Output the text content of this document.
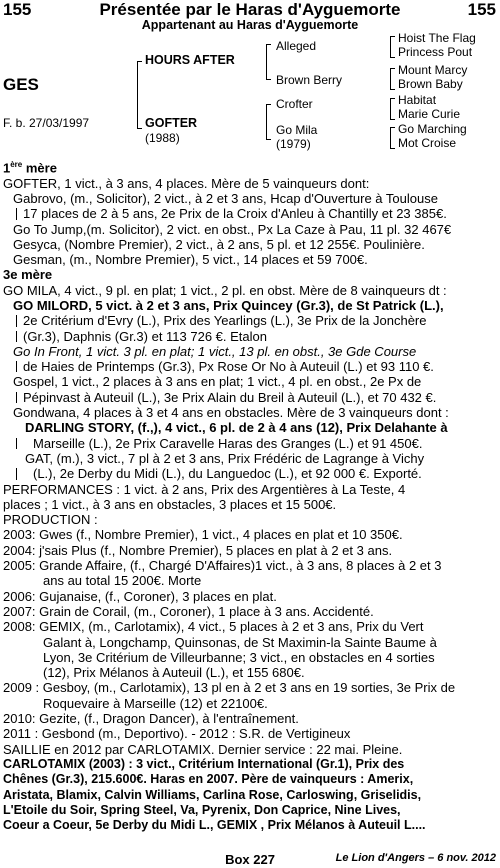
155	Présentée par le Haras d'Ayguemorte	155
Appartenant au Haras d'Ayguemorte
GES
F. b. 27/03/1997
HOURS AFTER
GOFTER
(1988)
Alleged
Brown Berry
Crofter
Go Mila
(1979)
Hoist The Flag
Princess Pout
Mount Marcy
Brown Baby
Habitat
Marie Curie
Go Marching
Mot Croise

1ère mère

GOFTER, 1 vict., à 3 ans, 4 places. Mère de 5 vainqueurs dont:

Gabrovo, (m., Solicitor), 2 vict., à 2 et 3 ans, Hcap d'Ouverture à Toulouse

17 places de 2 à 5 ans, 2e Prix de la Croix d'Anleu à Chantilly et 23 385€.

Go To Jump,(m. Solicitor), 2 vict. en obst., Px La Caze à Pau, 11 pl. 32 467€

Gesyca, (Nombre Premier), 2 vict., à 2 ans, 5 pl. et 12 255€. Poulinière.

Gesman, (m., Nombre Premier), 5 vict., 14 places et 59 700€.

3e mère

GO MILA, 4 vict., 9 pl. en plat; 1 vict., 2 pl. en obst. Mère de 8 vainqueurs dt :

GO MILORD, 5 vict. à 2 et 3 ans, Prix Quincey (Gr.3), de St Patrick (L.),

2e Critérium d'Evry (L.), Prix des Yearlings (L.), 3e Prix de la Jonchère

(Gr.3), Daphnis (Gr.3) et 113 726 €. Etalon

Go In Front, 1 vict. 3 pl. en plat; 1 vict., 13 pl. en obst., 3e Gde Course

de Haies de Printemps (Gr.3), Px Rose Or No à Auteuil (L.) et 93 110 €.

Gospel, 1 vict., 2 places à 3 ans en plat; 1 vict., 4 pl. en obst., 2e Px de

Pépinvast à Auteuil (L.), 3e Prix Alain du Breil à Auteuil (L.), et 70 432 €.

Gondwana, 4 places à 3 et 4 ans en obstacles. Mère de 3 vainqueurs dont :

DARLING STORY, (f.,), 4 vict., 6 pl. de 2 à 4 ans (12), Prix Delahante à

Marseille (L.), 2e Prix Caravelle Haras des Granges (L.) et 91 450€.

GAT, (m.), 3 vict., 7 pl à 2 et 3 ans, Prix Frédéric de Lagrange à Vichy

(L.), 2e Derby du Midi (L.), du Languedoc (L.), et 92 000 €. Exporté.

PERFORMANCES : 1 vict. à 2 ans, Prix des Argentières à La Teste, 4

places ; 1 vict., à 3 ans en obstacles, 3 places et 15 500€.

PRODUCTION :

2003: Gwes (f., Nombre Premier), 1 vict., 4 places en plat et 10 350€.

2004: j'sais Plus (f., Nombre Premier), 5 places en plat à 2 et 3 ans.

2005: Grande Affaire, (f., Chargé D'Affaires)1 vict., à 3 ans, 8 places à 2 et 3

ans au total 15 200€. Morte

2006: Gujanaise, (f., Coroner), 3 places en plat.

2007: Grain de Corail, (m., Coroner), 1 place à 3 ans. Accidenté.

2008: GEMIX, (m., Carlotamix), 4 vict., 5 places à 2 et 3 ans, Prix du Vert

Galant à, Longchamp, Quinsonas, de St Maximin-la Sainte Baume à

Lyon, 3e Critérium de Villeurbanne; 3 vict., en obstacles en 4 sorties

(12), Prix Mélanos à Auteuil (L.), et 155 680€.

2009 : Gesboy, (m., Carlotamix), 13 pl en à 2 et 3 ans en 19 sorties, 3e Prix de

Roquevaire à Marseille (12) et 22100€.

2010: Gezite, (f., Dragon Dancer), à l'entraînement.

2011 : Gesbond (m., Deportivo). - 2012 : S.R. de Vertigineux

SAILLIE en 2012 par CARLOTAMIX. Dernier service : 22 mai. Pleine.

CARLOTAMIX (2003) : 3 vict., Critérium International (Gr.1), Prix des

Chênes (Gr.3), 215.600€. Haras en 2007. Père de vainqueurs : Amerix,

Aristata, Blamix, Calvin Williams, Carlina Rose, Carloswing, Griselidis,

L'Etoile du Soir, Spring Steel, Va, Pyrenix, Don Caprice, Nine Lives,

Coeur a Coeur, 5e Derby du Midi L., GEMIX , Prix Mélanos à Auteuil L....

Box 227	Le Lion d'Angers – 6 nov. 2012
